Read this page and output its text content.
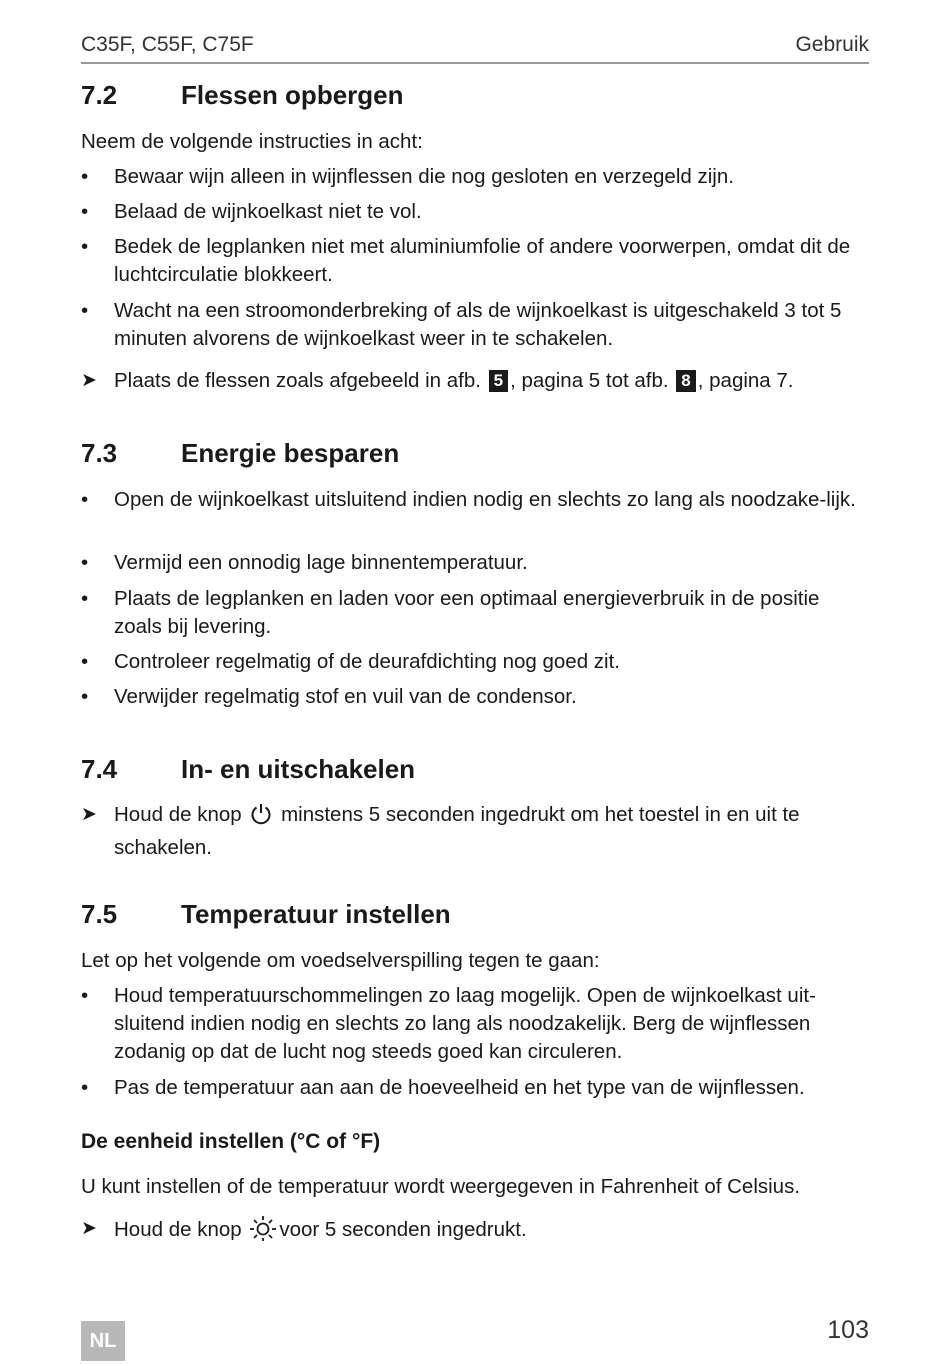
C35F, C55F, C75F	Gebruik
7.2 Flessen opbergen
Neem de volgende instructies in acht:
•	Bewaar wijn alleen in wijnflessen die nog gesloten en verzegeld zijn.
•	Belaad de wijnkoelkast niet te vol.
•	Bedek de legplanken niet met aluminiumfolie of andere voorwerpen, omdat dit de luchtcirculatie blokkeert.
•	Wacht na een stroomonderbreking of als de wijnkoelkast is uitgeschakeld 3 tot 5 minuten alvorens de wijnkoelkast weer in te schakelen.
➤ Plaats de flessen zoals afgebeeld in afb. 5 , pagina 5 tot afb. 8 , pagina 7.
7.3 Energie besparen
•	Open de wijnkoelkast uitsluitend indien nodig en slechts zo lang als noodzake-lijk.
•	Vermijd een onnodig lage binnentemperatuur.
•	Plaats de legplanken en laden voor een optimaal energieverbruik in de positie zoals bij levering.
•	Controleer regelmatig of de deurafdichting nog goed zit.
•	Verwijder regelmatig stof en vuil van de condensor.
7.4 In- en uitschakelen
➤ Houd de knop minstens 5 seconden ingedrukt om het toestel in en uit te schakelen.
7.5 Temperatuur instellen
Let op het volgende om voedselverspilling tegen te gaan:
•	Houd temperatuurschommelingen zo laag mogelijk. Open de wijnkoelkast uit-sluitend indien nodig en slechts zo lang als noodzakelijk. Berg de wijnflessen zodanig op dat de lucht nog steeds goed kan circuleren.
•	Pas de temperatuur aan aan de hoeveelheid en het type van de wijnflessen.
De eenheid instellen (°C of °F)
U kunt instellen of de temperatuur wordt weergegeven in Fahrenheit of Celsius.
➤ Houd de knop voor 5 seconden ingedrukt.
NL	103
